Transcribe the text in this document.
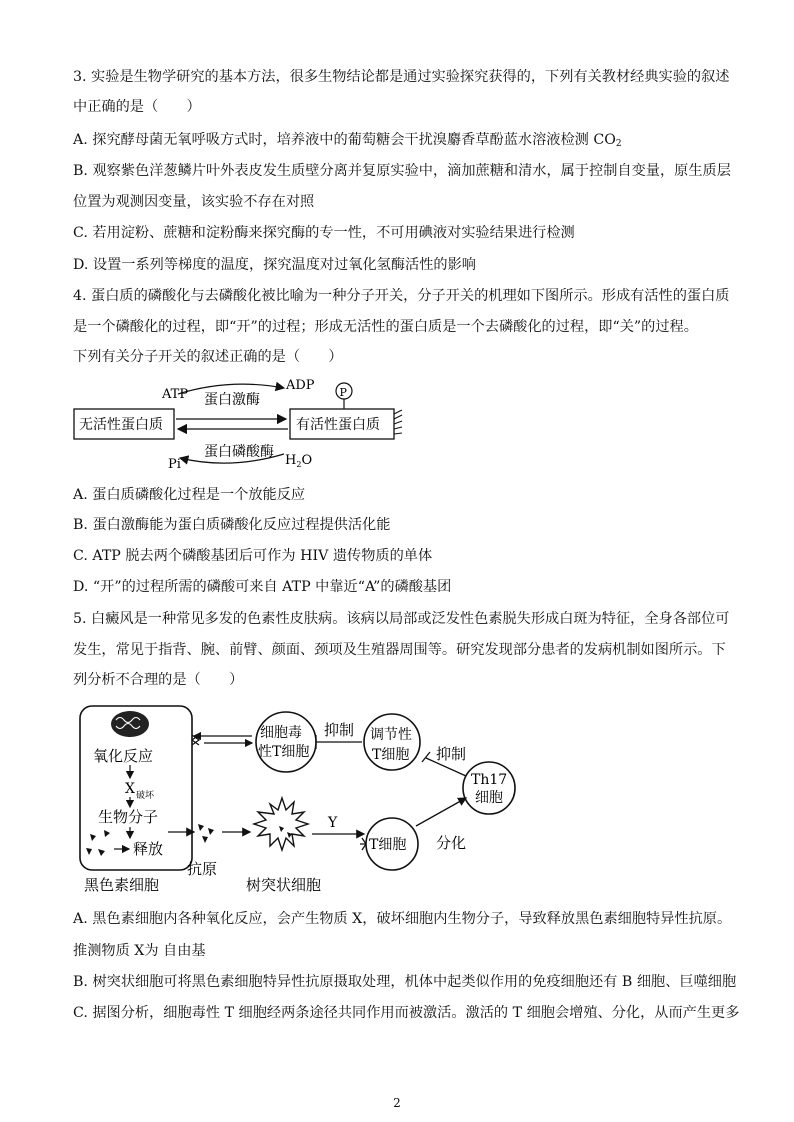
3. 实验是生物学研究的基本方法，很多生物结论都是通过实验探究获得的，下列有关教材经典实验的叙述
中正确的是（　　）
A. 探究酵母菌无氧呼吸方式时，培养液中的葡萄糖会干扰溴麝香草酚蓝水溶液检测 $CO_2$
B. 观察紫色洋葱鳞片叶外表皮发生质壁分离并复原实验中，滴加蔗糖和清水，属于控制自变量，原生质层
位置为观测因变量，该实验不存在对照
C. 若用淀粉、蔗糖和淀粉酶来探究酶的专一性，不可用碘液对实验结果进行检测
D. 设置一系列等梯度的温度，探究温度对过氧化氢酶活性的影响
4. 蛋白质的磷酸化与去磷酸化被比喻为一种分子开关，分子开关的机理如下图所示。形成有活性的蛋白质
是一个磷酸化的过程，即“开”的过程；形成无活性的蛋白质是一个去磷酸化的过程，即“关”的过程。
下列有关分子开关的叙述正确的是（　　）
无活性蛋白质	有活性蛋白质
ATP 蛋白激酶
ADP P
Pi
蛋白磷酸酶
$H_2O$
A. 蛋白质磷酸化过程是一个放能反应
B. 蛋白激酶能为蛋白质磷酸化反应过程提供活化能
C. ATP 脱去两个磷酸基团后可作为 HIV 遗传物质的单体
D. “开”的过程所需的磷酸可来自 ATP 中靠近“A”的磷酸基团
5. 白癜风是一种常见多发的色素性皮肤病。该病以局部或泛发性色素脱失形成白斑为特征，全身各部位可
发生，常见于指背、腕、前臂、颜面、颈项及生殖器周围等。研究发现部分患者的发病机制如图所示。下
列分析不合理的是（　　）
氧化反应
X 破坏
生物分子
释放
黑色素细胞
抗原
树突状细胞
Y
T细胞 分化
Th17
细胞
抑制
调节性
T细胞
抑制
细胞毒
性T细胞
A. 黑色素细胞内各种氧化反应，会产生物质 X，破坏细胞内生物分子，导致释放黑色素细胞特异性抗原。
推测物质 X为 自由基
B. 树突状细胞可将黑色素细胞特异性抗原摄取处理，机体中起类似作用的免疫细胞还有 B 细胞、巨噬细胞
C. 据图分析，细胞毒性 T 细胞经两条途径共同作用而被激活。激活的 T 细胞会增殖、分化，从而产生更多
2
